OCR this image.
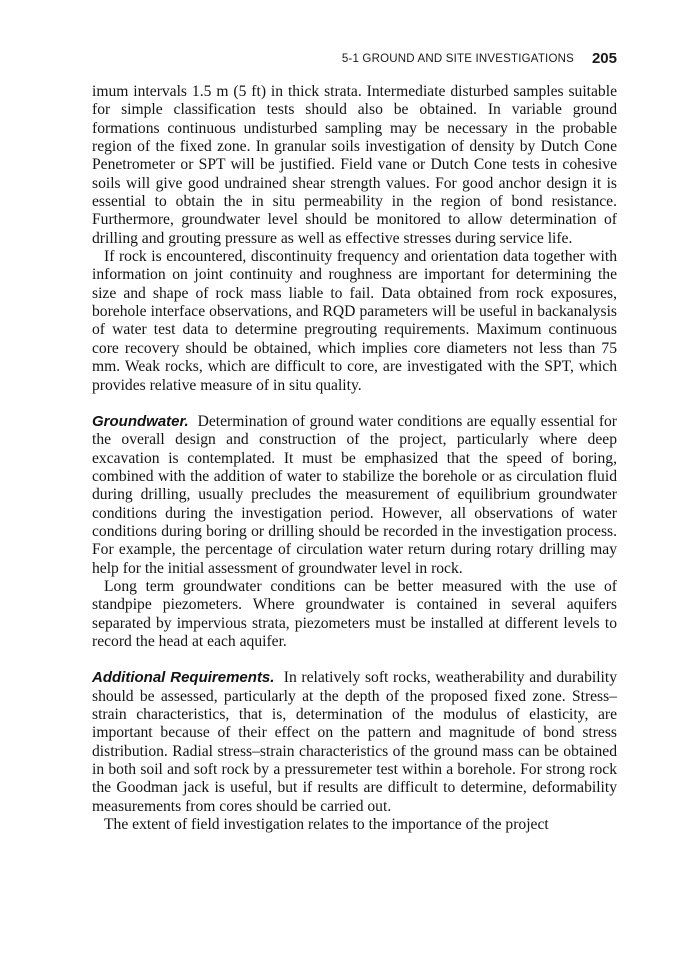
5-1 GROUND AND SITE INVESTIGATIONS 205

imum intervals 1.5 m (5 ft) in thick strata. Intermediate disturbed samples suitable for simple classification tests should also be obtained. In variable ground formations continuous undisturbed sampling may be necessary in the probable region of the fixed zone. In granular soils investigation of density by Dutch Cone Penetrometer or SPT will be justified. Field vane or Dutch Cone tests in cohesive soils will give good undrained shear strength values. For good anchor design it is essential to obtain the in situ permeability in the region of bond resistance. Furthermore, groundwater level should be monitored to allow determination of drilling and grouting pressure as well as effective stresses during service life.

If rock is encountered, discontinuity frequency and orientation data together with information on joint continuity and roughness are important for determining the size and shape of rock mass liable to fail. Data obtained from rock exposures, borehole interface observations, and RQD parameters will be useful in backanalysis of water test data to determine pregrouting requirements. Maximum continuous core recovery should be obtained, which implies core diameters not less than 75 mm. Weak rocks, which are difficult to core, are investigated with the SPT, which provides relative measure of in situ quality.

Groundwater. Determination of ground water conditions are equally essential for the overall design and construction of the project, particularly where deep excavation is contemplated. It must be emphasized that the speed of boring, combined with the addition of water to stabilize the borehole or as circulation fluid during drilling, usually precludes the measurement of equilibrium groundwater conditions during the investigation period. However, all observations of water conditions during boring or drilling should be recorded in the investigation process. For example, the percentage of circulation water return during rotary drilling may help for the initial assessment of groundwater level in rock.

Long term groundwater conditions can be better measured with the use of standpipe piezometers. Where groundwater is contained in several aquifers separated by impervious strata, piezometers must be installed at different levels to record the head at each aquifer.

Additional Requirements. In relatively soft rocks, weatherability and durability should be assessed, particularly at the depth of the proposed fixed zone. Stress–strain characteristics, that is, determination of the modulus of elasticity, are important because of their effect on the pattern and magnitude of bond stress distribution. Radial stress–strain characteristics of the ground mass can be obtained in both soil and soft rock by a pressuremeter test within a borehole. For strong rock the Goodman jack is useful, but if results are difficult to determine, deformability measurements from cores should be carried out.

The extent of field investigation relates to the importance of the project
